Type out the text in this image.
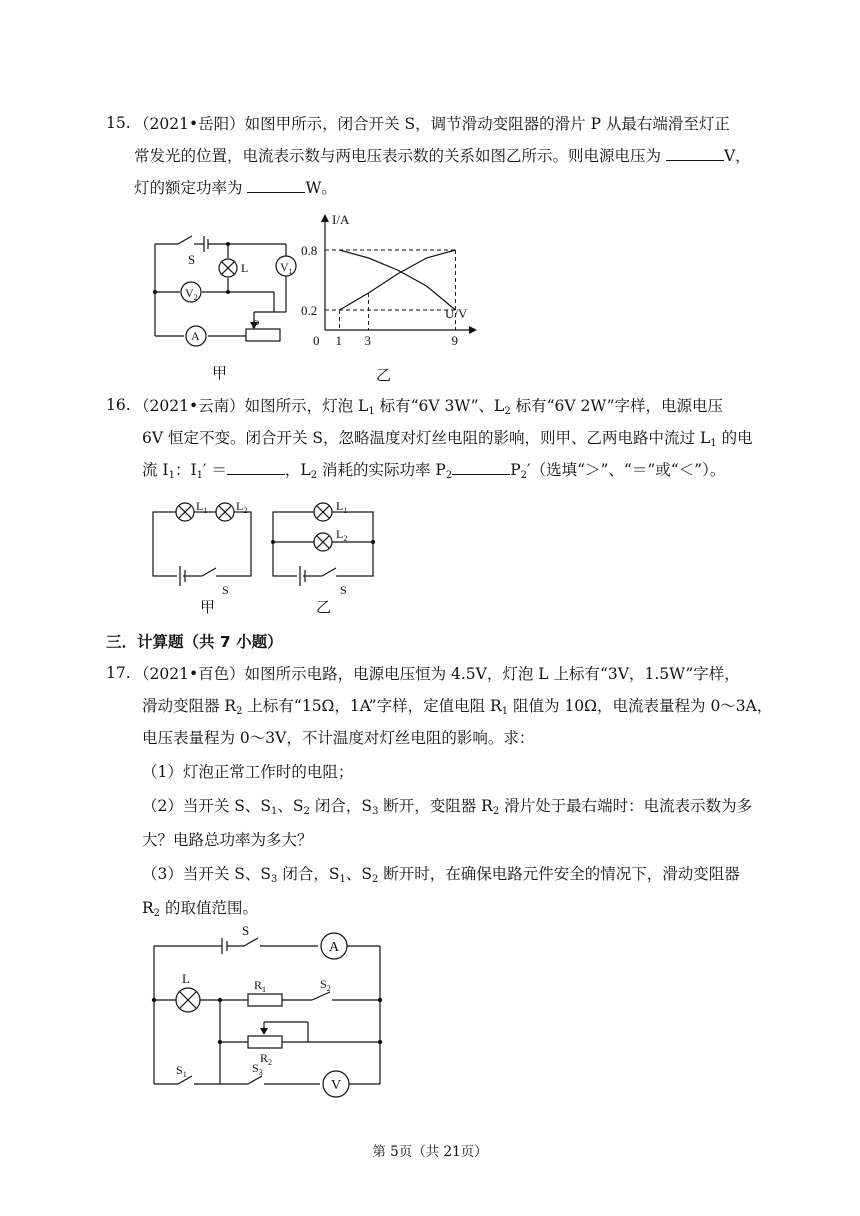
15. （2021•岳阳）如图甲所示，闭合开关 S，调节滑动变阻器的滑片 P 从最右端滑至灯正
常发光的位置，电流表示数与两电压表示数的关系如图乙所示。则电源电压为	V，
灯的额定功率为	W。
S
L	$V_1$
$V_2$
A
P
0 1 3	9
0.2
0.8
I/A
U/V
甲	乙
16. （2021•云南）如图所示，灯泡 $L_1$ 标有“6V 3W”、$L_2$ 标有“6V 2W”字样，电源电压
6V 恒定不变。闭合开关 S，忽略温度对灯丝电阻的影响，则甲、乙两电路中流过 $L_1$ 的电
流 $I_1$：$I_1'$ ＝	，$L_2$ 消耗的实际功率 $P_2$	$P_2'$（选填“＞”、“＝”或“＜”）。
$L_1$ $L_2$
S
$L_1$
$L_2$
S
甲	乙
三．计算题（共 7 小题）
17. （2021•百色）如图所示电路，电源电压恒为 4.5V，灯泡 L 上标有“3V，1.5W”字样，
滑动变阻器 $R_2$ 上标有“15Ω，1A”字样，定值电阻 $R_1$ 阻值为 10Ω，电流表量程为 0～3A，
电压表量程为 0～3V，不计温度对灯丝电阻的影响。求：
（1）灯泡正常工作时的电阻；
（2）当开关 S、$S_1$、$S_2$ 闭合，$S_3$ 断开，变阻器 $R_2$ 滑片处于最右端时：电流表示数为多
大？电路总功率为多大？
（3）当开关 S、$S_3$ 闭合，$S_1$、$S_2$ 断开时，在确保电路元件安全的情况下，滑动变阻器
$R_2$ 的取值范围。
S
A
L	$R_1$	$S_2$
$R_2$
$S_1$	$S_3$
V
第 5页（共 21页）
